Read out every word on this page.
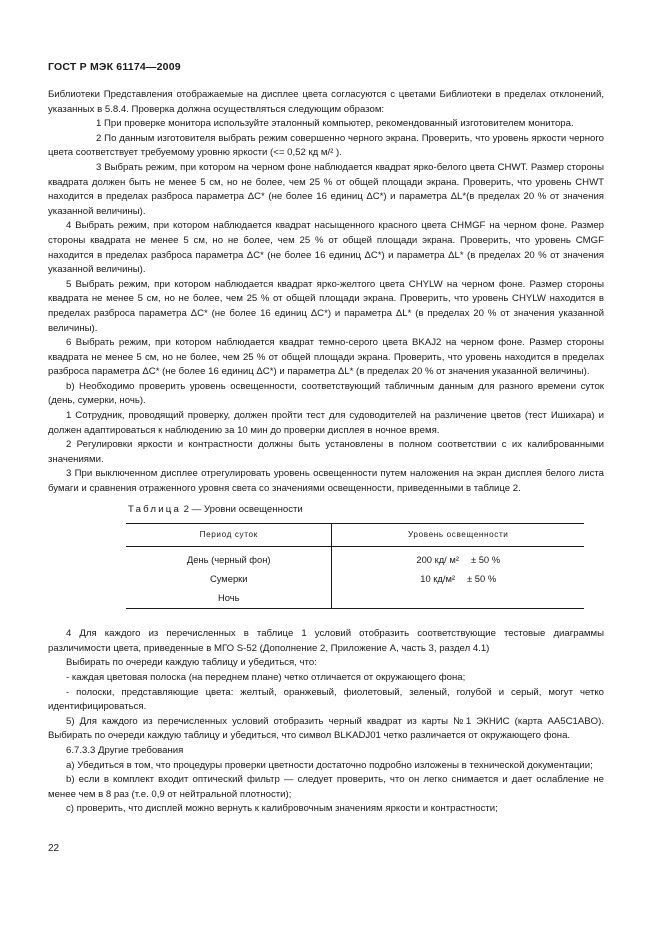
ГОСТ Р МЭК 61174—2009

Библиотеки Представления отображаемые на дисплее цвета согласуются с цветами Библиотеки в пределах отклонений, указанных в 5.8.4. Проверка должна осуществляться следующим образом:

1 При проверке монитора используйте эталонный компьютер, рекомендованный изготовителем монитора.

2 По данным изготовителя выбрать режим совершенно черного экрана. Проверить, что уровень яркости черного цвета соответствует требуемому уровню яркости (<= 0,52 кд м/² ).

3 Выбрать режим, при котором на черном фоне наблюдается квадрат ярко-белого цвета CHWT. Размер стороны квадрата должен быть не менее 5 см, но не более, чем 25 % от общей площади экрана. Проверить, что уровень CHWT находится в пределах разброса параметра ΔC* (не более 16 единиц ΔC*) и параметра ΔL*(в пределах 20 % от значения указанной величины).

4 Выбрать режим, при котором наблюдается квадрат насыщенного красного цвета CHMGF на черном фоне. Размер стороны квадрата не менее 5 см, но не более, чем 25 % от общей площади экрана. Проверить, что уровень CMGF находится в пределах разброса параметра ΔC* (не более 16 единиц ΔC*) и параметра ΔL* (в пределах 20 % от значения указанной величины).

5 Выбрать режим, при котором наблюдается квадрат ярко-желтого цвета CHYLW на черном фоне. Размер стороны квадрата не менее 5 см, но не более, чем 25 % от общей площади экрана. Проверить, что уровень CHYLW находится в пределах разброса параметра ΔC* (не более 16 единиц ΔC*) и параметра ΔL* (в пределах 20 % от значения указанной величины).

6 Выбрать режим, при котором наблюдается квадрат темно-серого цвета BKAJ2 на черном фоне. Размер стороны квадрата не менее 5 см, но не более, чем 25 % от общей площади экрана. Проверить, что уровень находится в пределах разброса параметра ΔC* (не более 16 единиц ΔC*) и параметра ΔL* (в пределах 20 % от значения указанной величины).

b) Необходимо проверить уровень освещенности, соответствующий табличным данным для разного времени суток (день, сумерки, ночь).

1 Сотрудник, проводящий проверку, должен пройти тест для судоводителей на различение цветов (тест Ишихара) и должен адаптироваться к наблюдению за 10 мин до проверки дисплея в ночное время.

2 Регулировки яркости и контрастности должны быть установлены в полном соответствии с их калиброванными значениями.

3 При выключенном дисплее отрегулировать уровень освещенности путем наложения на экран дисплея белого листа бумаги и сравнения отраженного уровня света со значениями освещенности, приведенными в таблице 2.

Таблица 2 — Уровни освещенности
Период суток	Уровень освещенности
День (черный фон)	200 кд/ м² ± 50 %
Сумерки	10 кд/м² ± 50 %
Ночь	

4 Для каждого из перечисленных в таблице 1 условий отобразить соответствующие тестовые диаграммы различимости цвета, приведенные в МГО S-52 (Дополнение 2, Приложение А, часть 3, раздел 4.1)

Выбирать по очереди каждую таблицу и убедиться, что:

- каждая цветовая полоска (на переднем плане) четко отличается от окружающего фона;

- полоски, представляющие цвета: желтый, оранжевый, фиолетовый, зеленый, голубой и серый, могут четко идентифицироваться.

5) Для каждого из перечисленных условий отобразить черный квадрат из карты №1 ЭКНИС (карта AA5C1ABO). Выбирать по очереди каждую таблицу и убедиться, что символ BLKADJ01 четко различается от окружающего фона.

6.7.3.3 Другие требования

а) Убедиться в том, что процедуры проверки цветности достаточно подробно изложены в технической документации;

b) если в комплект входит оптический фильтр — следует проверить, что он легко снимается и дает ослабление не менее чем в 8 раз (т.е. 0,9 от нейтральной плотности);

с) проверить, что дисплей можно вернуть к калибровочным значениям яркости и контрастности;

22
